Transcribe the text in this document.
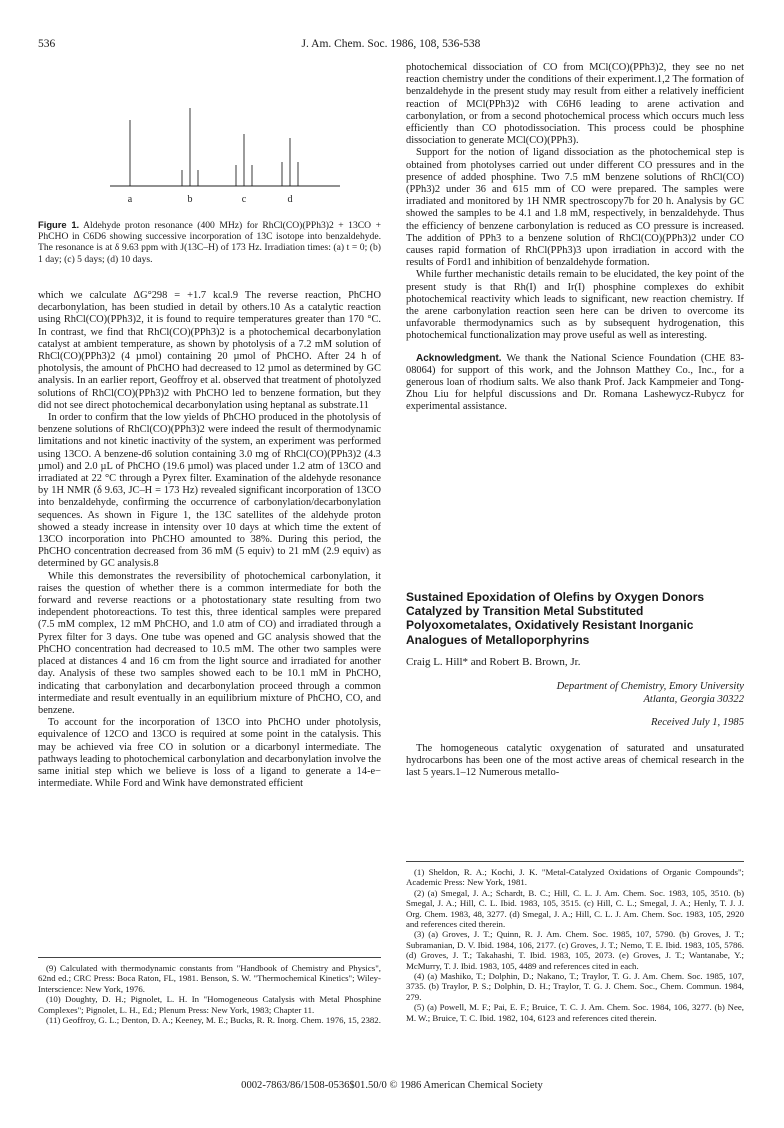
536	J. Am. Chem. Soc. 1986, 108, 536-538
a	b	c	d
Figure 1. Aldehyde proton resonance (400 MHz) for RhCl(CO)(PPh3)2 + 13CO + PhCHO in C6D6 showing successive incorporation of 13C isotope into benzaldehyde. The resonance is at δ 9.63 ppm with J(13C–H) of 173 Hz. Irradiation times: (a) t = 0; (b) 1 day; (c) 5 days; (d) 10 days.

which we calculate ΔG°298 = +1.7 kcal.9 The reverse reaction, PhCHO decarbonylation, has been studied in detail by others.10 As a catalytic reaction using RhCl(CO)(PPh3)2, it is found to require temperatures greater than 170 °C. In contrast, we find that RhCl(CO)(PPh3)2 is a photochemical decarbonylation catalyst at ambient temperature, as shown by photolysis of a 7.2 mM solution of RhCl(CO)(PPh3)2 (4 µmol) containing 20 µmol of PhCHO. After 24 h of photolysis, the amount of PhCHO had decreased to 12 µmol as determined by GC analysis. In an earlier report, Geoffroy et al. observed that treatment of photolyzed solutions of RhCl(CO)(PPh3)2 with PhCHO led to benzene formation, but they did not see direct photochemical decarbonylation using heptanal as substrate.11

In order to confirm that the low yields of PhCHO produced in the photolysis of benzene solutions of RhCl(CO)(PPh3)2 were indeed the result of thermodynamic limitations and not kinetic inactivity of the system, an experiment was performed using 13CO. A benzene-d6 solution containing 3.0 mg of RhCl(CO)(PPh3)2 (4.3 µmol) and 2.0 µL of PhCHO (19.6 µmol) was placed under 1.2 atm of 13CO and irradiated at 22 °C through a Pyrex filter. Examination of the aldehyde resonance by 1H NMR (δ 9.63, JC–H = 173 Hz) revealed significant incorporation of 13CO into benzaldehyde, confirming the occurrence of carbonylation/decarbonylation sequences. As shown in Figure 1, the 13C satellites of the aldehyde proton showed a steady increase in intensity over 10 days at which time the extent of 13CO incorporation into PhCHO amounted to 38%. During this period, the PhCHO concentration decreased from 36 mM (5 equiv) to 21 mM (2.9 equiv) as determined by GC analysis.8

While this demonstrates the reversibility of photochemical carbonylation, it raises the question of whether there is a common intermediate for both the forward and reverse reactions or a photostationary state resulting from two independent photoreactions. To test this, three identical samples were prepared (7.5 mM complex, 12 mM PhCHO, and 1.0 atm of CO) and irradiated through a Pyrex filter for 3 days. One tube was opened and GC analysis showed that the PhCHO concentration had decreased to 10.5 mM. The other two samples were placed at distances 4 and 16 cm from the light source and irradiated for another day. Analysis of these two samples showed each to be 10.1 mM in PhCHO, indicating that carbonylation and decarbonylation proceed through a common intermediate and result eventually in an equilibrium mixture of PhCHO, CO, and benzene.

To account for the incorporation of 13CO into PhCHO under photolysis, equivalence of 12CO and 13CO is required at some point in the catalysis. This may be achieved via free CO in solution or a dicarbonyl intermediate. The pathways leading to photochemical carbonylation and decarbonylation involve the same initial step which we believe is loss of a ligand to generate a 14-e− intermediate. While Ford and Wink have demonstrated efficient

(9) Calculated with thermodynamic constants from "Handbook of Chemistry and Physics", 62nd ed.; CRC Press: Boca Raton, FL, 1981. Benson, S. W. "Thermochemical Kinetics"; Wiley-Interscience: New York, 1976.

(10) Doughty, D. H.; Pignolet, L. H. In "Homogeneous Catalysis with Metal Phosphine Complexes"; Pignolet, L. H., Ed.; Plenum Press: New York, 1983; Chapter 11.

(11) Geoffroy, G. L.; Denton, D. A.; Keeney, M. E.; Bucks, R. R. Inorg. Chem. 1976, 15, 2382.

photochemical dissociation of CO from MCl(CO)(PPh3)2, they see no net reaction chemistry under the conditions of their experiment.1,2 The formation of benzaldehyde in the present study may result from either a relatively inefficient reaction of MCl(PPh3)2 with C6H6 leading to arene activation and carbonylation, or from a second photochemical process which occurs much less efficiently than CO photodissociation. This process could be phosphine dissociation to generate MCl(CO)(PPh3).

Support for the notion of ligand dissociation as the photochemical step is obtained from photolyses carried out under different CO pressures and in the presence of added phosphine. Two 7.5 mM benzene solutions of RhCl(CO)(PPh3)2 under 36 and 615 mm of CO were prepared. The samples were irradiated and monitored by 1H NMR spectroscopy7b for 20 h. Analysis by GC showed the samples to be 4.1 and 1.8 mM, respectively, in benzaldehyde. Thus the efficiency of benzene carbonylation is reduced as CO pressure is increased. The addition of PPh3 to a benzene solution of RhCl(CO)(PPh3)2 under CO causes rapid formation of RhCl(PPh3)3 upon irradiation in accord with the results of Ford1 and inhibition of benzaldehyde formation.

While further mechanistic details remain to be elucidated, the key point of the present study is that Rh(I) and Ir(I) phosphine complexes do exhibit photochemical reactivity which leads to significant, new reaction chemistry. If the arene carbonylation reaction seen here can be driven to overcome its unfavorable thermodynamics such as by subsequent hydrogenation, this photochemical functionalization may prove useful as well as interesting.

Acknowledgment. We thank the National Science Foundation (CHE 83-08064) for support of this work, and the Johnson Matthey Co., Inc., for a generous loan of rhodium salts. We also thank Prof. Jack Kampmeier and Tong-Zhou Liu for helpful discussions and Dr. Romana Lashewycz-Rubycz for experimental assistance.

Sustained Epoxidation of Olefins by Oxygen Donors Catalyzed by Transition Metal Substituted Polyoxometalates, Oxidatively Resistant Inorganic Analogues of Metalloporphyrins
Craig L. Hill* and Robert B. Brown, Jr.
Department of Chemistry, Emory University
Atlanta, Georgia 30322
Received July 1, 1985

The homogeneous catalytic oxygenation of saturated and unsaturated hydrocarbons has been one of the most active areas of chemical research in the last 5 years.1–12 Numerous metallo-

(1) Sheldon, R. A.; Kochi, J. K. "Metal-Catalyzed Oxidations of Organic Compounds"; Academic Press: New York, 1981.

(2) (a) Smegal, J. A.; Schardt, B. C.; Hill, C. L. J. Am. Chem. Soc. 1983, 105, 3510. (b) Smegal, J. A.; Hill, C. L. Ibid. 1983, 105, 3515. (c) Hill, C. L.; Smegal, J. A.; Henly, T. J. J. Org. Chem. 1983, 48, 3277. (d) Smegal, J. A.; Hill, C. L. J. Am. Chem. Soc. 1983, 105, 2920 and references cited therein.

(3) (a) Groves, J. T.; Quinn, R. J. Am. Chem. Soc. 1985, 107, 5790. (b) Groves, J. T.; Subramanian, D. V. Ibid. 1984, 106, 2177. (c) Groves, J. T.; Nemo, T. E. Ibid. 1983, 105, 5786. (d) Groves, J. T.; Takahashi, T. Ibid. 1983, 105, 2073. (e) Groves, J. T.; Wantanabe, Y.; McMurry, T. J. Ibid. 1983, 105, 4489 and references cited in each.

(4) (a) Mashiko, T.; Dolphin, D.; Nakano, T.; Traylor, T. G. J. Am. Chem. Soc. 1985, 107, 3735. (b) Traylor, P. S.; Dolphin, D. H.; Traylor, T. G. J. Chem. Soc., Chem. Commun. 1984, 279.

(5) (a) Powell, M. F.; Pai, E. F.; Bruice, T. C. J. Am. Chem. Soc. 1984, 106, 3277. (b) Nee, M. W.; Bruice, T. C. Ibid. 1982, 104, 6123 and references cited therein.

0002-7863/86/1508-0536$01.50/0 © 1986 American Chemical Society
